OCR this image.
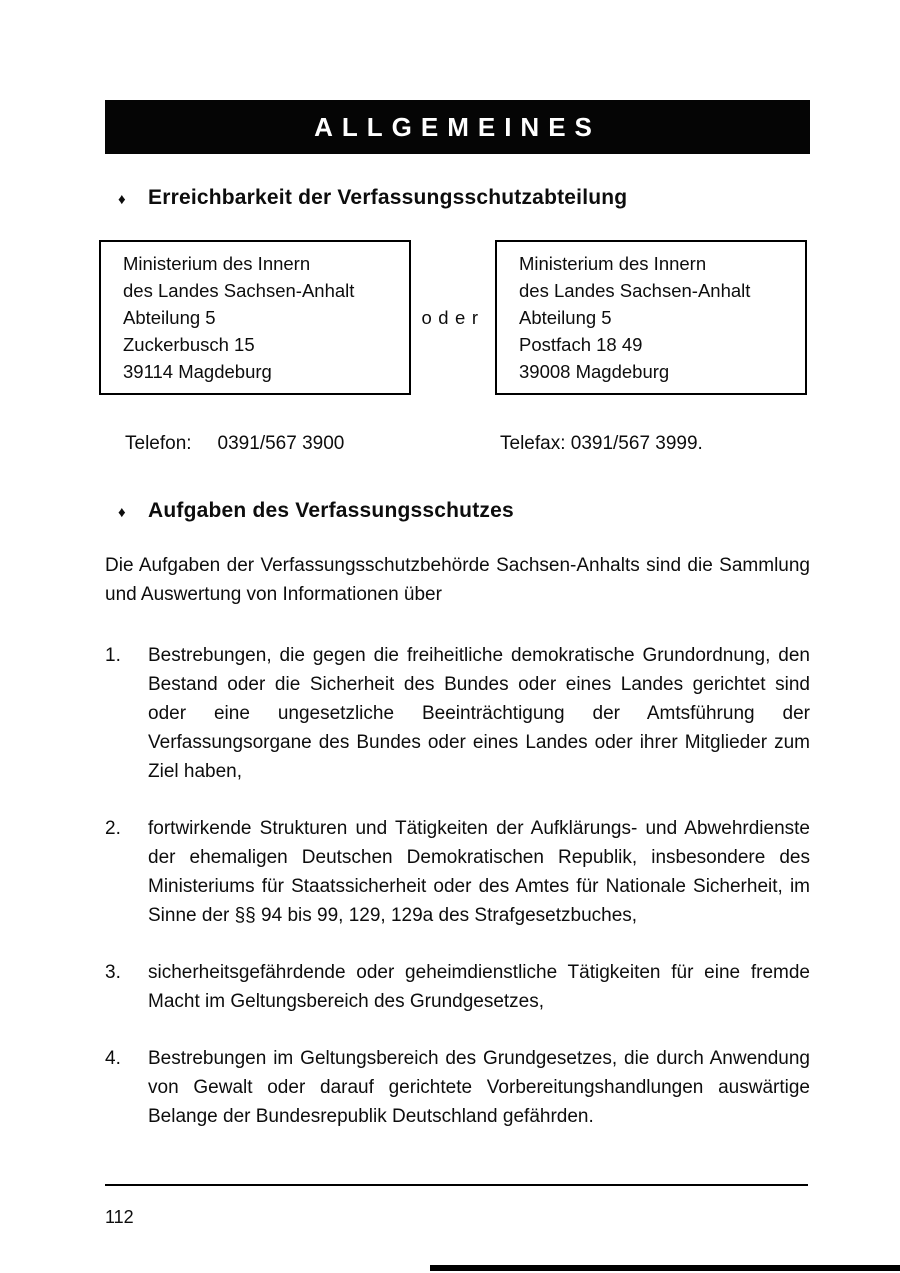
ALLGEMEINES
♦	Erreichbarkeit der Verfassungsschutzabteilung
Ministerium des Innern
des Landes Sachsen-Anhalt
Abteilung 5
Zuckerbusch 15
39114 Magdeburg
oder
Ministerium des Innern
des Landes Sachsen-Anhalt
Abteilung 5
Postfach 18 49
39008 Magdeburg
Telefon: 0391/567 3900	Telefax: 0391/567 3999.
♦	Aufgaben des Verfassungsschutzes

Die Aufgaben der Verfassungsschutzbehörde Sachsen-Anhalts sind die Sammlung und Auswertung von Informationen über

1.	Bestrebungen, die gegen die freiheitliche demokratische Grundordnung, den Bestand oder die Sicherheit des Bundes oder eines Landes gerichtet sind oder eine ungesetzliche Beeinträchtigung der Amtsführung der Verfassungsorgane des Bundes oder eines Landes oder ihrer Mitglieder zum Ziel haben,
2.	fortwirkende Strukturen und Tätigkeiten der Aufklärungs- und Abwehrdienste der ehemaligen Deutschen Demokratischen Republik, insbesondere des Ministeriums für Staatssicherheit oder des Amtes für Nationale Sicherheit, im Sinne der §§ 94 bis 99, 129, 129a des Strafgesetzbuches,
3.	sicherheitsgefährdende oder geheimdienstliche Tätigkeiten für eine fremde Macht im Geltungsbereich des Grundgesetzes,
4.	Bestrebungen im Geltungsbereich des Grundgesetzes, die durch Anwendung von Gewalt oder darauf gerichtete Vorbereitungshandlungen auswärtige Belange der Bundesrepublik Deutschland gefährden.
112
